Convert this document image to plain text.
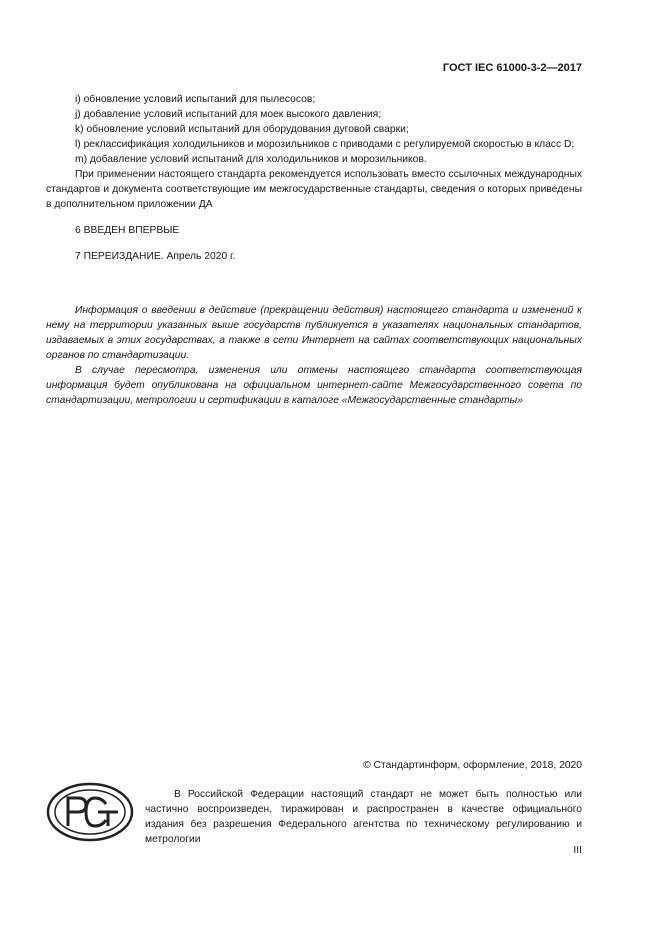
ГОСТ IEC 61000-3-2—2017

i) обновление условий испытаний для пылесосов;

j) добавление условий испытаний для моек высокого давления;

k) обновление условий испытаний для оборудования дуговой сварки;

l) реклассификация холодильников и морозильников с приводами с регулируемой скоростью в класс D;

m) добавление условий испытаний для холодильников и морозильников.

При применении настоящего стандарта рекомендуется использовать вместо ссылочных международных стандартов и документа соответствующие им межгосударственные стандарты, сведения о которых приведены в дополнительном приложении ДА

6 ВВЕДЕН ВПЕРВЫЕ
7 ПЕРЕИЗДАНИЕ. Апрель 2020 г.

Информация о введении в действие (прекращении действия) настоящего стандарта и изменений к нему на территории указанных выше государств публикуется в указателях национальных стандартов, издаваемых в этих государствах, а также в сети Интернет на сайтах соответствующих национальных органов по стандартизации.

В случае пересмотра, изменения или отмены настоящего стандарта соответствующая информация будет опубликована на официальном интернет-сайте Межгосударственного совета по стандартизации, метрологии и сертификации в каталоге «Межгосударственные стандарты»

© Стандартинформ, оформление, 2018, 2020

В Российской Федерации настоящий стандарт не может быть полностью или частично воспроизведен, тиражирован и распространен в качестве официального издания без разрешения Федерального агентства по техническому регулированию и метрологии

III
